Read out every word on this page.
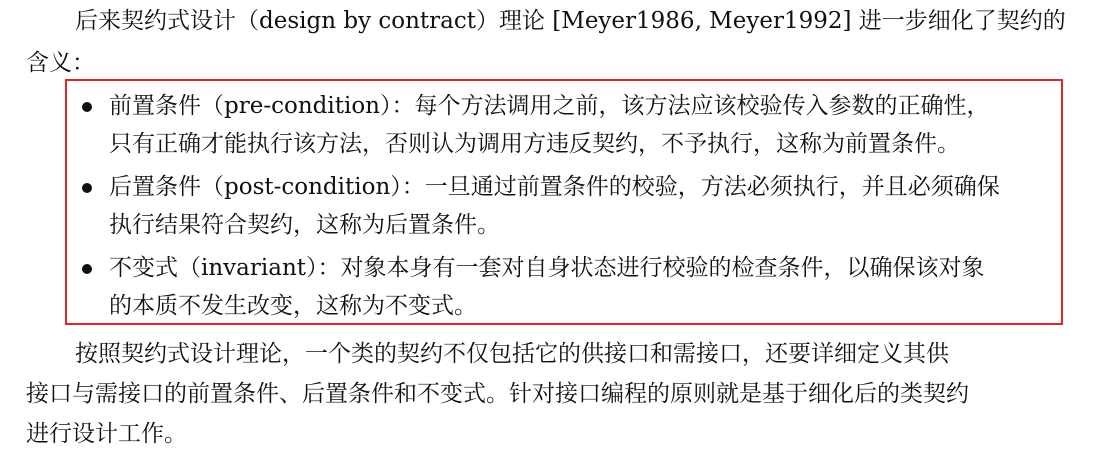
后来契约式设计（design by contract）理论 [Meyer1986, Meyer1992] 进一步细化了契约的
含义：
前置条件（pre-condition）：每个方法调用之前，该方法应该校验传入参数的正确性，
只有正确才能执行该方法，否则认为调用方违反契约，不予执行，这称为前置条件。
后置条件（post-condition）：一旦通过前置条件的校验，方法必须执行，并且必须确保
执行结果符合契约，这称为后置条件。
不变式（invariant）：对象本身有一套对自身状态进行校验的检查条件，以确保该对象
的本质不发生改变，这称为不变式。
按照契约式设计理论，一个类的契约不仅包括它的供接口和需接口，还要详细定义其供
接口与需接口的前置条件、后置条件和不变式。针对接口编程的原则就是基于细化后的类契约
进行设计工作。
